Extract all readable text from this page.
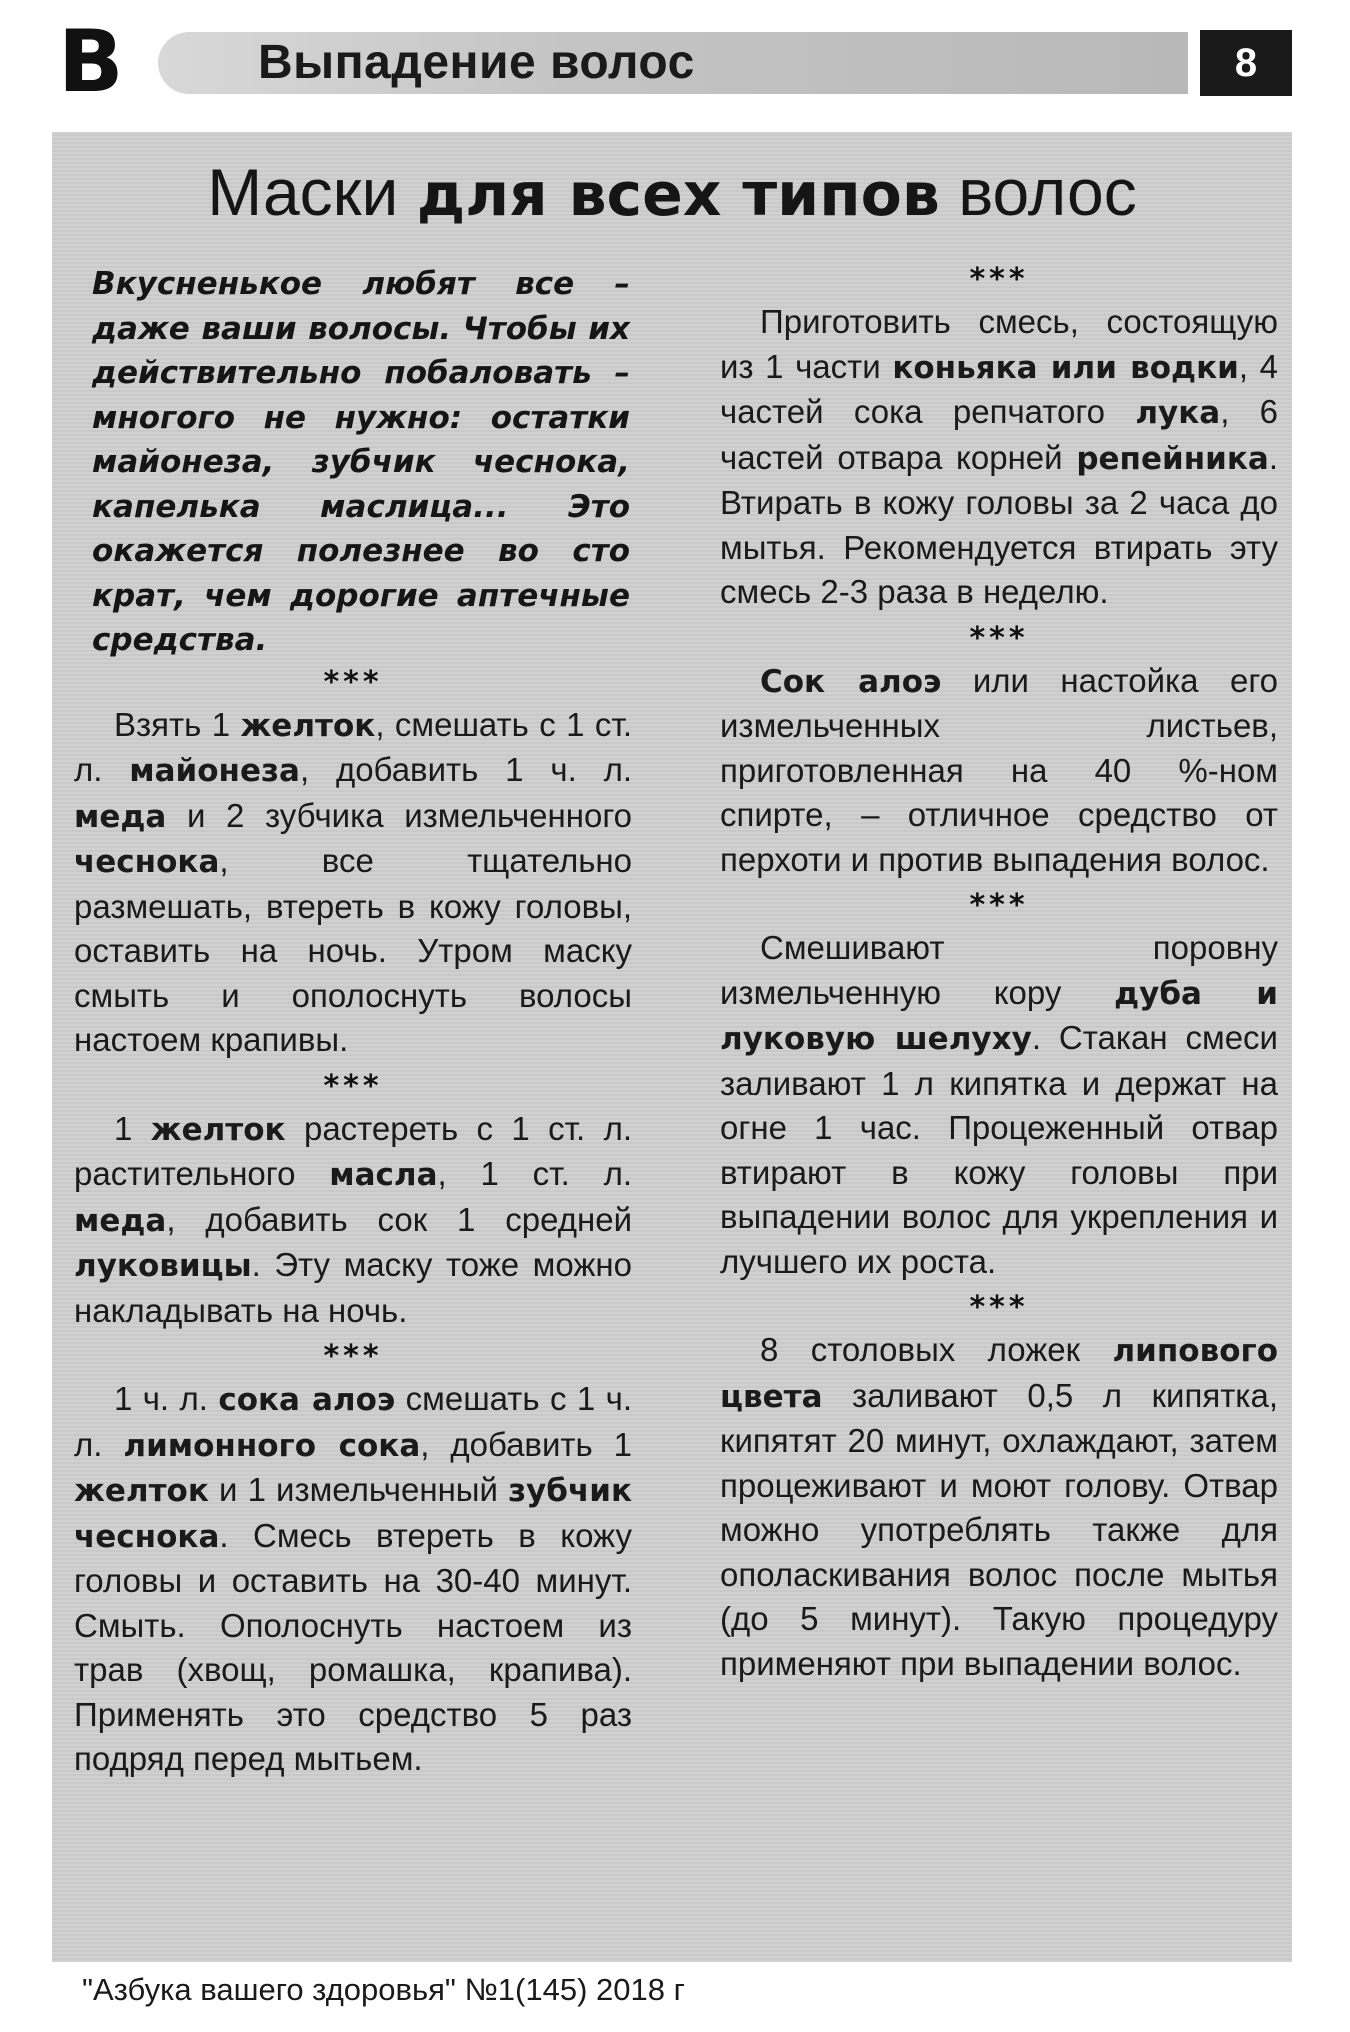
В	Выпадение волос	8
Маски для всех типов волос

Вкусненькое любят все – даже ваши волосы. Чтобы их действительно побаловать – многого не нужно: остатки майонеза, зубчик чеснока, капелька маслица... Это окажется полезнее во сто крат, чем дорогие аптечные средства.

***

Взять 1 желток, смешать с 1 ст. л. майонеза, добавить 1 ч. л. меда и 2 зубчика измельченного чеснока, все тщательно размешать, втереть в кожу головы, оставить на ночь. Утром маску смыть и ополоснуть волосы настоем крапивы.

***

1 желток растереть с 1 ст. л. растительного масла, 1 ст. л. меда, добавить сок 1 средней луковицы. Эту маску тоже можно накладывать на ночь.

***

1 ч. л. сока алоэ смешать с 1 ч. л. лимонного сока, добавить 1 желток и 1 измельченный зубчик чеснока. Смесь втереть в кожу головы и оставить на 30-40 минут. Смыть. Ополоснуть настоем из трав (хвощ, ромашка, крапива). Применять это средство 5 раз подряд перед мытьем.

***

Приготовить смесь, состоящую из 1 части коньяка или водки, 4 частей сока репчатого лука, 6 частей отвара корней репейника. Втирать в кожу головы за 2 часа до мытья. Рекомендуется втирать эту смесь 2-3 раза в неделю.

***

Сок алоэ или настойка его измельченных листьев, приготовленная на 40 %-ном спирте, – отличное средство от перхоти и против выпадения волос.

***

Смешивают поровну измельченную кору дуба и луковую шелуху. Стакан смеси заливают 1 л кипятка и держат на огне 1 час. Процеженный отвар втирают в кожу головы при выпадении волос для укрепления и лучшего их роста.

***

8 столовых ложек липового цвета заливают 0,5 л кипятка, кипятят 20 минут, охлаждают, затем процеживают и моют голову. Отвар можно употреблять также для ополаскивания волос после мытья (до 5 минут). Такую процедуру применяют при выпадении волос.

"Азбука вашего здоровья" №1(145) 2018 г
